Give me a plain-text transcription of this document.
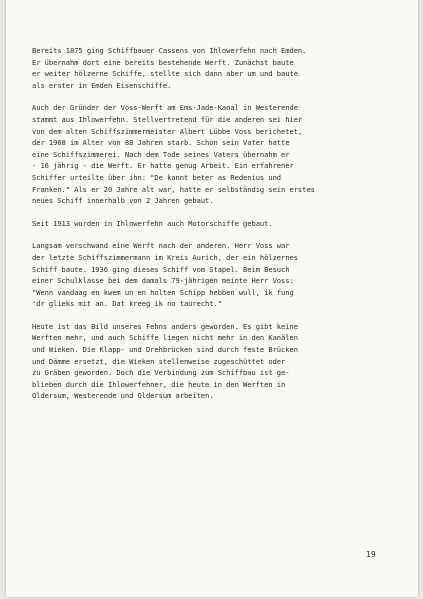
Bereits 1875 ging Schiffbauer Cassens von Ihlowerfehn nach Emden.
Er übernahm dort eine bereits bestehende Werft. Zunächst baute
er weiter hölzerne Schiffe, stellte sich dann aber um und baute
als erster in Emden Eisenschiffe.
Auch der Gründer der Voss-Werft am Ems-Jade-Kanal in Westerende
stammt aus Ihlowerfehn. Stellvertretend für die anderen sei hier
von dem alten Schiffszimmermeister Albert Lübbe Voss berichetet,
der 1968 im Alter von 88 Jahren starb. Schon sein Vater hatte
eine Schiffszimmerei. Nach dem Tode seines Vaters übernahm er
- 16 jährig - die Werft. Er hatte genug Arbeit. Ein erfahrener
Schiffer urteilte über ihn: "De kannt beter as Redenius und
Franken." Als er 20 Jahre alt war, hatte er selbständig sein erstes
neues Schiff innerhalb von 2 Jahren gebaut.
Seit 1913 wurden in Ihlowerfehn auch Motorschiffe gebaut.
Langsam verschwand eine Werft nach der anderen. Herr Voss war
der letzte Schiffszimmermann im Kreis Aurich, der ein hölzernes
Schiff baute. 1936 ging dieses Schiff vom Stapel. Beim Besuch
einer Schulklasse bei dem damals 79-jährigen meinte Herr Voss:
"Wenn vandaag en kwem un en holten Schipp hebben wull, ik fung
'dr glieks mit an. Dat kreeg ik no taurecht."
Heute ist das Bild unseres Fehns anders geworden. Es gibt keine
Werften mehr, und auch Schiffe liegen nicht mehr in den Kanälen
und Wieken. Die Klapp- und Drehbrücken sind durch feste Brücken
und Dämme ersetzt, die Wieken stellenweise zugeschüttet oder
zu Gräben geworden. Doch die Verbindung zum Schiffbau ist ge-
blieben durch die Ihlowerfehner, die heute in den Werften in
Oldersum, Westerende und Oldersum arbeiten.
19
